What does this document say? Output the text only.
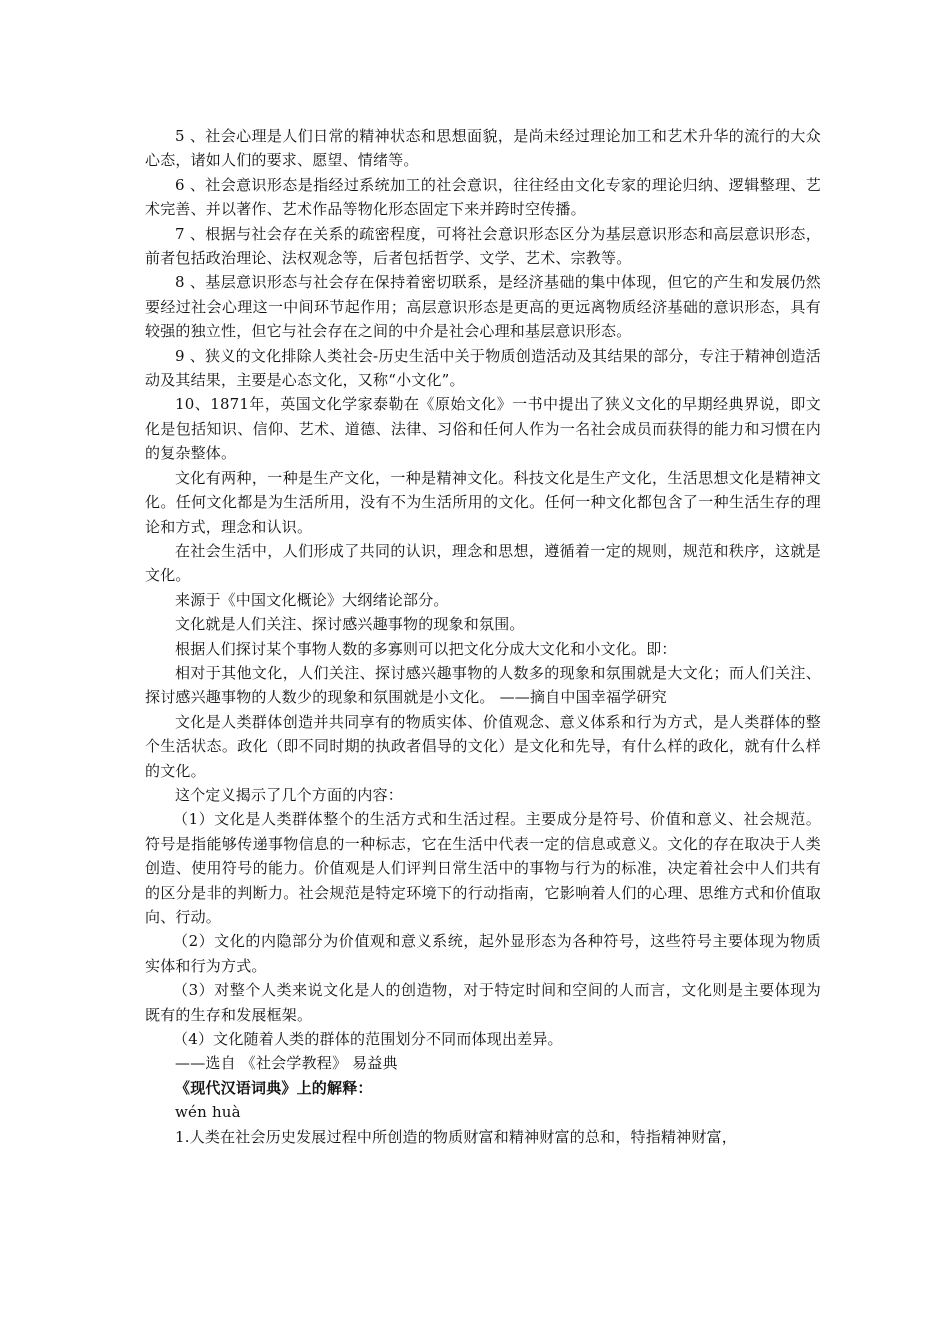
5 、社会心理是人们日常的精神状态和思想面貌，是尚未经过理论加工和艺术升华的流行的大众心态，诸如人们的要求、愿望、情绪等。

6 、社会意识形态是指经过系统加工的社会意识，往往经由文化专家的理论归纳、逻辑整理、艺术完善、并以著作、艺术作品等物化形态固定下来并跨时空传播。

7 、根据与社会存在关系的疏密程度，可将社会意识形态区分为基层意识形态和高层意识形态，前者包括政治理论、法权观念等，后者包括哲学、文学、艺术、宗教等。

8 、基层意识形态与社会存在保持着密切联系，是经济基础的集中体现，但它的产生和发展仍然要经过社会心理这一中间环节起作用；高层意识形态是更高的更远离物质经济基础的意识形态，具有较强的独立性，但它与社会存在之间的中介是社会心理和基层意识形态。

9 、狭义的文化排除人类社会-历史生活中关于物质创造活动及其结果的部分，专注于精神创造活动及其结果，主要是心态文化，又称“小文化”。

10、1871年，英国文化学家泰勒在《原始文化》一书中提出了狭义文化的早期经典界说，即文化是包括知识、信仰、艺术、道德、法律、习俗和任何人作为一名社会成员而获得的能力和习惯在内的复杂整体。

文化有两种，一种是生产文化，一种是精神文化。科技文化是生产文化，生活思想文化是精神文化。任何文化都是为生活所用，没有不为生活所用的文化。任何一种文化都包含了一种生活生存的理论和方式，理念和认识。

在社会生活中，人们形成了共同的认识，理念和思想，遵循着一定的规则，规范和秩序，这就是文化。

来源于《中国文化概论》大纲绪论部分。

文化就是人们关注、探讨感兴趣事物的现象和氛围。

根据人们探讨某个事物人数的多寡则可以把文化分成大文化和小文化。即：

相对于其他文化，人们关注、探讨感兴趣事物的人数多的现象和氛围就是大文化；而人们关注、探讨感兴趣事物的人数少的现象和氛围就是小文化。 ——摘自中国幸福学研究

文化是人类群体创造并共同享有的物质实体、价值观念、意义体系和行为方式，是人类群体的整个生活状态。政化（即不同时期的执政者倡导的文化）是文化和先导，有什么样的政化，就有什么样的文化。

这个定义揭示了几个方面的内容：

（1）文化是人类群体整个的生活方式和生活过程。主要成分是符号、价值和意义、社会规范。符号是指能够传递事物信息的一种标志，它在生活中代表一定的信息或意义。文化的存在取决于人类创造、使用符号的能力。价值观是人们评判日常生活中的事物与行为的标准，决定着社会中人们共有的区分是非的判断力。社会规范是特定环境下的行动指南，它影响着人们的心理、思维方式和价值取向、行动。

（2）文化的内隐部分为价值观和意义系统，起外显形态为各种符号，这些符号主要体现为物质实体和行为方式。

（3）对整个人类来说文化是人的创造物，对于特定时间和空间的人而言，文化则是主要体现为既有的生存和发展框架。

（4）文化随着人类的群体的范围划分不同而体现出差异。

——选自 《社会学教程》 易益典

《现代汉语词典》上的解释：

wén huà

1.人类在社会历史发展过程中所创造的物质财富和精神财富的总和，特指精神财富，
